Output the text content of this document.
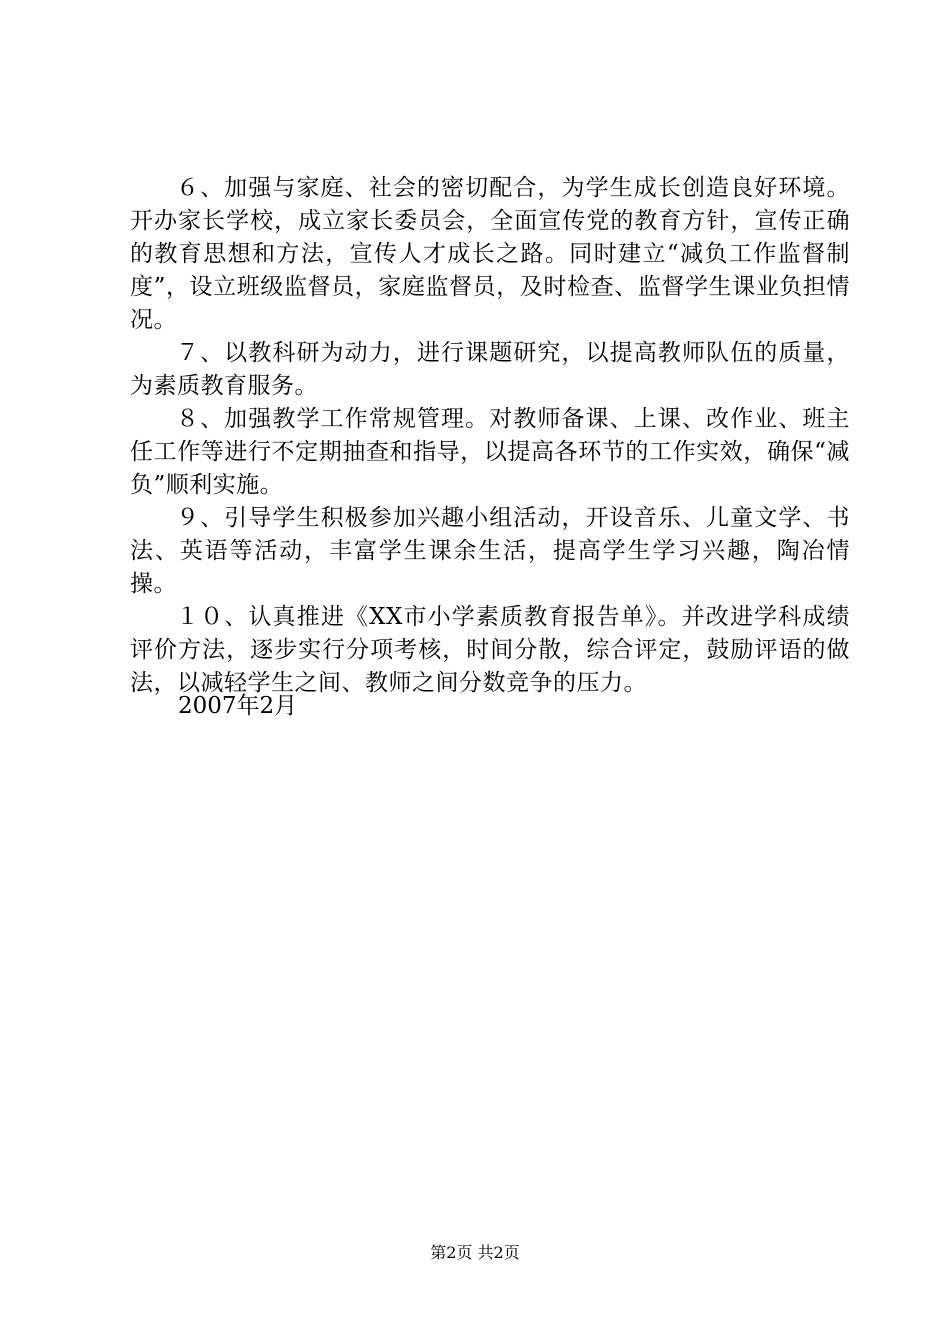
６、加强与家庭、社会的密切配合，为学生成长创造良好环境。开办家长学校，成立家长委员会，全面宣传党的教育方针，宣传正确的教育思想和方法，宣传人才成长之路。同时建立“减负工作监督制度”，设立班级监督员，家庭监督员，及时检查、监督学生课业负担情况。

７、以教科研为动力，进行课题研究，以提高教师队伍的质量，为素质教育服务。

８、加强教学工作常规管理。对教师备课、上课、改作业、班主任工作等进行不定期抽查和指导，以提高各环节的工作实效，确保“减负”顺利实施。

９、引导学生积极参加兴趣小组活动，开设音乐、儿童文学、书法、英语等活动，丰富学生课余生活，提高学生学习兴趣，陶冶情操。

１０、认真推进《XX市小学素质教育报告单》。并改进学科成绩评价方法，逐步实行分项考核，时间分散，综合评定，鼓励评语的做法，以减轻学生之间、教师之间分数竞争的压力。

2007年2月

第2页 共2页
